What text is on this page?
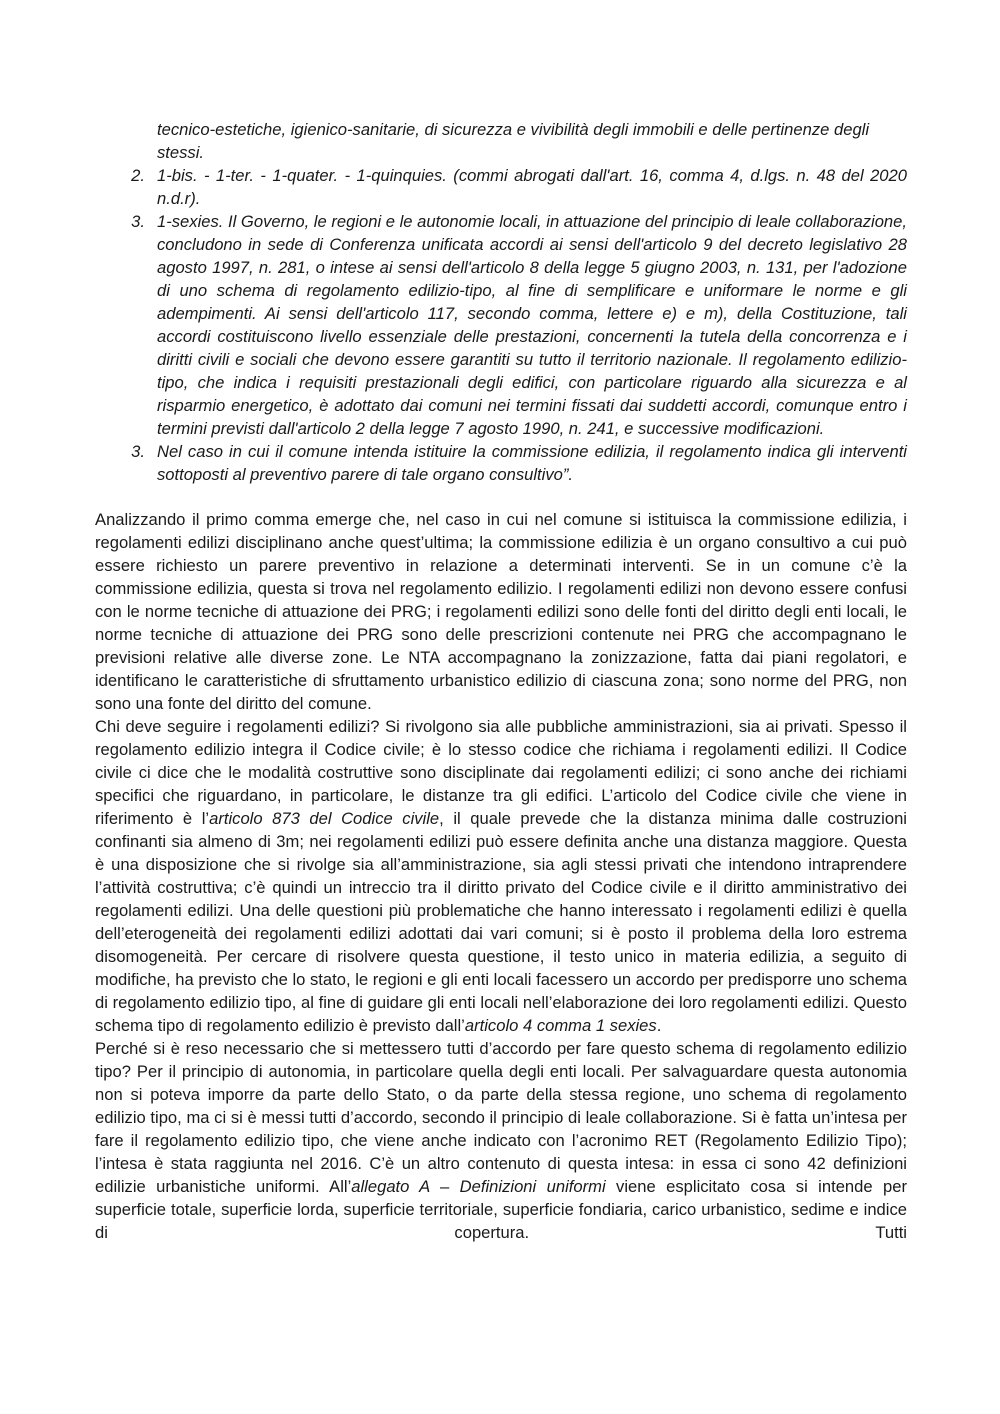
tecnico-estetiche, igienico-sanitarie, di sicurezza e vivibilità degli immobili e delle pertinenze degli stessi.
2. 1-bis. - 1-ter. - 1-quater. - 1-quinquies. (commi abrogati dall'art. 16, comma 4, d.lgs. n. 48 del 2020 n.d.r).
3. 1-sexies. Il Governo, le regioni e le autonomie locali, in attuazione del principio di leale collaborazione, concludono in sede di Conferenza unificata accordi ai sensi dell'articolo 9 del decreto legislativo 28 agosto 1997, n. 281, o intese ai sensi dell'articolo 8 della legge 5 giugno 2003, n. 131, per l'adozione di uno schema di regolamento edilizio-tipo, al fine di semplificare e uniformare le norme e gli adempimenti. Ai sensi dell'articolo 117, secondo comma, lettere e) e m), della Costituzione, tali accordi costituiscono livello essenziale delle prestazioni, concernenti la tutela della concorrenza e i diritti civili e sociali che devono essere garantiti su tutto il territorio nazionale. Il regolamento edilizio-tipo, che indica i requisiti prestazionali degli edifici, con particolare riguardo alla sicurezza e al risparmio energetico, è adottato dai comuni nei termini fissati dai suddetti accordi, comunque entro i termini previsti dall'articolo 2 della legge 7 agosto 1990, n. 241, e successive modificazioni.
3. Nel caso in cui il comune intenda istituire la commissione edilizia, il regolamento indica gli interventi sottoposti al preventivo parere di tale organo consultivo”.

Analizzando il primo comma emerge che, nel caso in cui nel comune si istituisca la commissione edilizia, i regolamenti edilizi disciplinano anche quest’ultima; la commissione edilizia è un organo consultivo a cui può essere richiesto un parere preventivo in relazione a determinati interventi. Se in un comune c’è la commissione edilizia, questa si trova nel regolamento edilizio. I regolamenti edilizi non devono essere confusi con le norme tecniche di attuazione dei PRG; i regolamenti edilizi sono delle fonti del diritto degli enti locali, le norme tecniche di attuazione dei PRG sono delle prescrizioni contenute nei PRG che accompagnano le previsioni relative alle diverse zone. Le NTA accompagnano la zonizzazione, fatta dai piani regolatori, e identificano le caratteristiche di sfruttamento urbanistico edilizio di ciascuna zona; sono norme del PRG, non sono una fonte del diritto del comune.

Chi deve seguire i regolamenti edilizi? Si rivolgono sia alle pubbliche amministrazioni, sia ai privati. Spesso il regolamento edilizio integra il Codice civile; è lo stesso codice che richiama i regolamenti edilizi. Il Codice civile ci dice che le modalità costruttive sono disciplinate dai regolamenti edilizi; ci sono anche dei richiami specifici che riguardano, in particolare, le distanze tra gli edifici. L’articolo del Codice civile che viene in riferimento è l’articolo 873 del Codice civile, il quale prevede che la distanza minima dalle costruzioni confinanti sia almeno di 3m; nei regolamenti edilizi può essere definita anche una distanza maggiore. Questa è una disposizione che si rivolge sia all’amministrazione, sia agli stessi privati che intendono intraprendere l’attività costruttiva; c’è quindi un intreccio tra il diritto privato del Codice civile e il diritto amministrativo dei regolamenti edilizi. Una delle questioni più problematiche che hanno interessato i regolamenti edilizi è quella dell’eterogeneità dei regolamenti edilizi adottati dai vari comuni; si è posto il problema della loro estrema disomogeneità. Per cercare di risolvere questa questione, il testo unico in materia edilizia, a seguito di modifiche, ha previsto che lo stato, le regioni e gli enti locali facessero un accordo per predisporre uno schema di regolamento edilizio tipo, al fine di guidare gli enti locali nell’elaborazione dei loro regolamenti edilizi. Questo schema tipo di regolamento edilizio è previsto dall’articolo 4 comma 1 sexies.

Perché si è reso necessario che si mettessero tutti d’accordo per fare questo schema di regolamento edilizio tipo? Per il principio di autonomia, in particolare quella degli enti locali. Per salvaguardare questa autonomia non si poteva imporre da parte dello Stato, o da parte della stessa regione, uno schema di regolamento edilizio tipo, ma ci si è messi tutti d’accordo, secondo il principio di leale collaborazione. Si è fatta un’intesa per fare il regolamento edilizio tipo, che viene anche indicato con l’acronimo RET (Regolamento Edilizio Tipo); l’intesa è stata raggiunta nel 2016. C’è un altro contenuto di questa intesa: in essa ci sono 42 definizioni edilizie urbanistiche uniformi. All’allegato A – Definizioni uniformi viene esplicitato cosa si intende per superficie totale, superficie lorda, superficie territoriale, superficie fondiaria, carico urbanistico, sedime e indice di copertura. Tutti
